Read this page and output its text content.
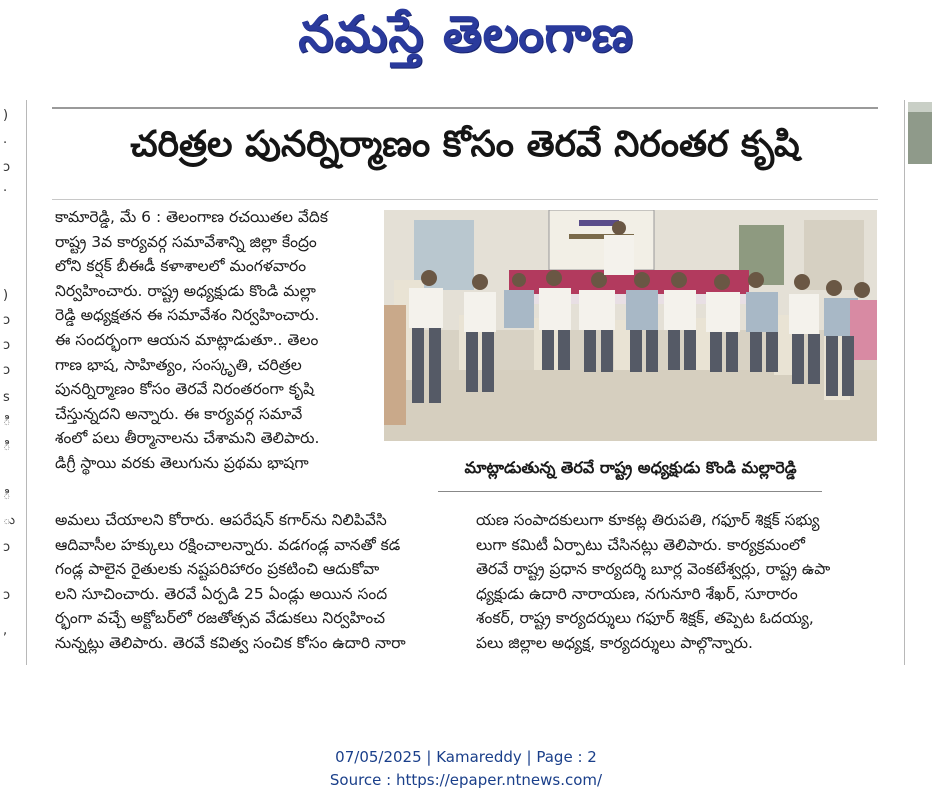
నమస్తే తెలంగాణ
)
·
ɔ
·
)
ɔ
ɔ
ɔ
s
ి
ి
ి
ు
ɔ
ɔ
,
చరిత్రల పునర్నిర్మాణం కోసం తెరవే నిరంతర కృషి
కామారెడ్డి, మే 6 : తెలంగాణ రచయితల వేదిక
రాష్ట్ర 3వ కార్యవర్గ సమావేశాన్ని జిల్లా కేంద్రం
లోని కర్షక్ బీఈడీ కళాశాలలో మంగళవారం
నిర్వహించారు. రాష్ట్ర అధ్యక్షుడు కొండి మల్లా
రెడ్డి అధ్యక్షతన ఈ సమావేశం నిర్వహించారు.
ఈ సందర్భంగా ఆయన మాట్లాడుతూ.. తెలం
గాణ భాష, సాహిత్యం, సంస్కృతి, చరిత్రల
పునర్నిర్మాణం కోసం తెరవే నిరంతరంగా కృషి
చేస్తున్నదని అన్నారు. ఈ కార్యవర్గ సమావే
శంలో పలు తీర్మానాలను చేశామని తెలిపారు.
డిగ్రీ స్థాయి వరకు తెలుగును ప్రథమ భాషగా	మాట్లాడుతున్న తెరవే రాష్ట్ర అధ్యక్షుడు కొండి మల్లారెడ్డి
అమలు చేయాలని కోరారు. ఆపరేషన్ కగార్‌ను నిలిపివేసి
ఆదివాసీల హక్కులు రక్షించాలన్నారు. వడగండ్ల వానతో కడ
గండ్ల పాలైన రైతులకు నష్టపరిహారం ప్రకటించి ఆదుకోవా
లని సూచించారు. తెరవే ఏర్పడి 25 ఏండ్లు అయిన సంద
ర్భంగా వచ్చే అక్టోబర్‌లో రజతోత్సవ వేడుకలు నిర్వహించ
నున్నట్లు తెలిపారు. తెరవే కవిత్వ సంచిక కోసం ఉదారి నారా
యణ సంపాదకులుగా కూకట్ల తిరుపతి, గఫూర్ శిక్షక్ సభ్యు
లుగా కమిటీ ఏర్పాటు చేసినట్లు తెలిపారు. కార్యక్రమంలో
తెరవే రాష్ట్ర ప్రధాన కార్యదర్శి బూర్ల వెంకటేశ్వర్లు, రాష్ట్ర ఉపా
ధ్యక్షుడు ఉదారి నారాయణ, నగునూరి శేఖర్, సూరారం
శంకర్, రాష్ట్ర కార్యదర్శులు గఫూర్ శిక్షక్, తప్పెట ఓదయ్య,
పలు జిల్లాల అధ్యక్ష, కార్యదర్శులు పాల్గొన్నారు.
07/05/2025 | Kamareddy | Page : 2
Source : https://epaper.ntnews.com/
